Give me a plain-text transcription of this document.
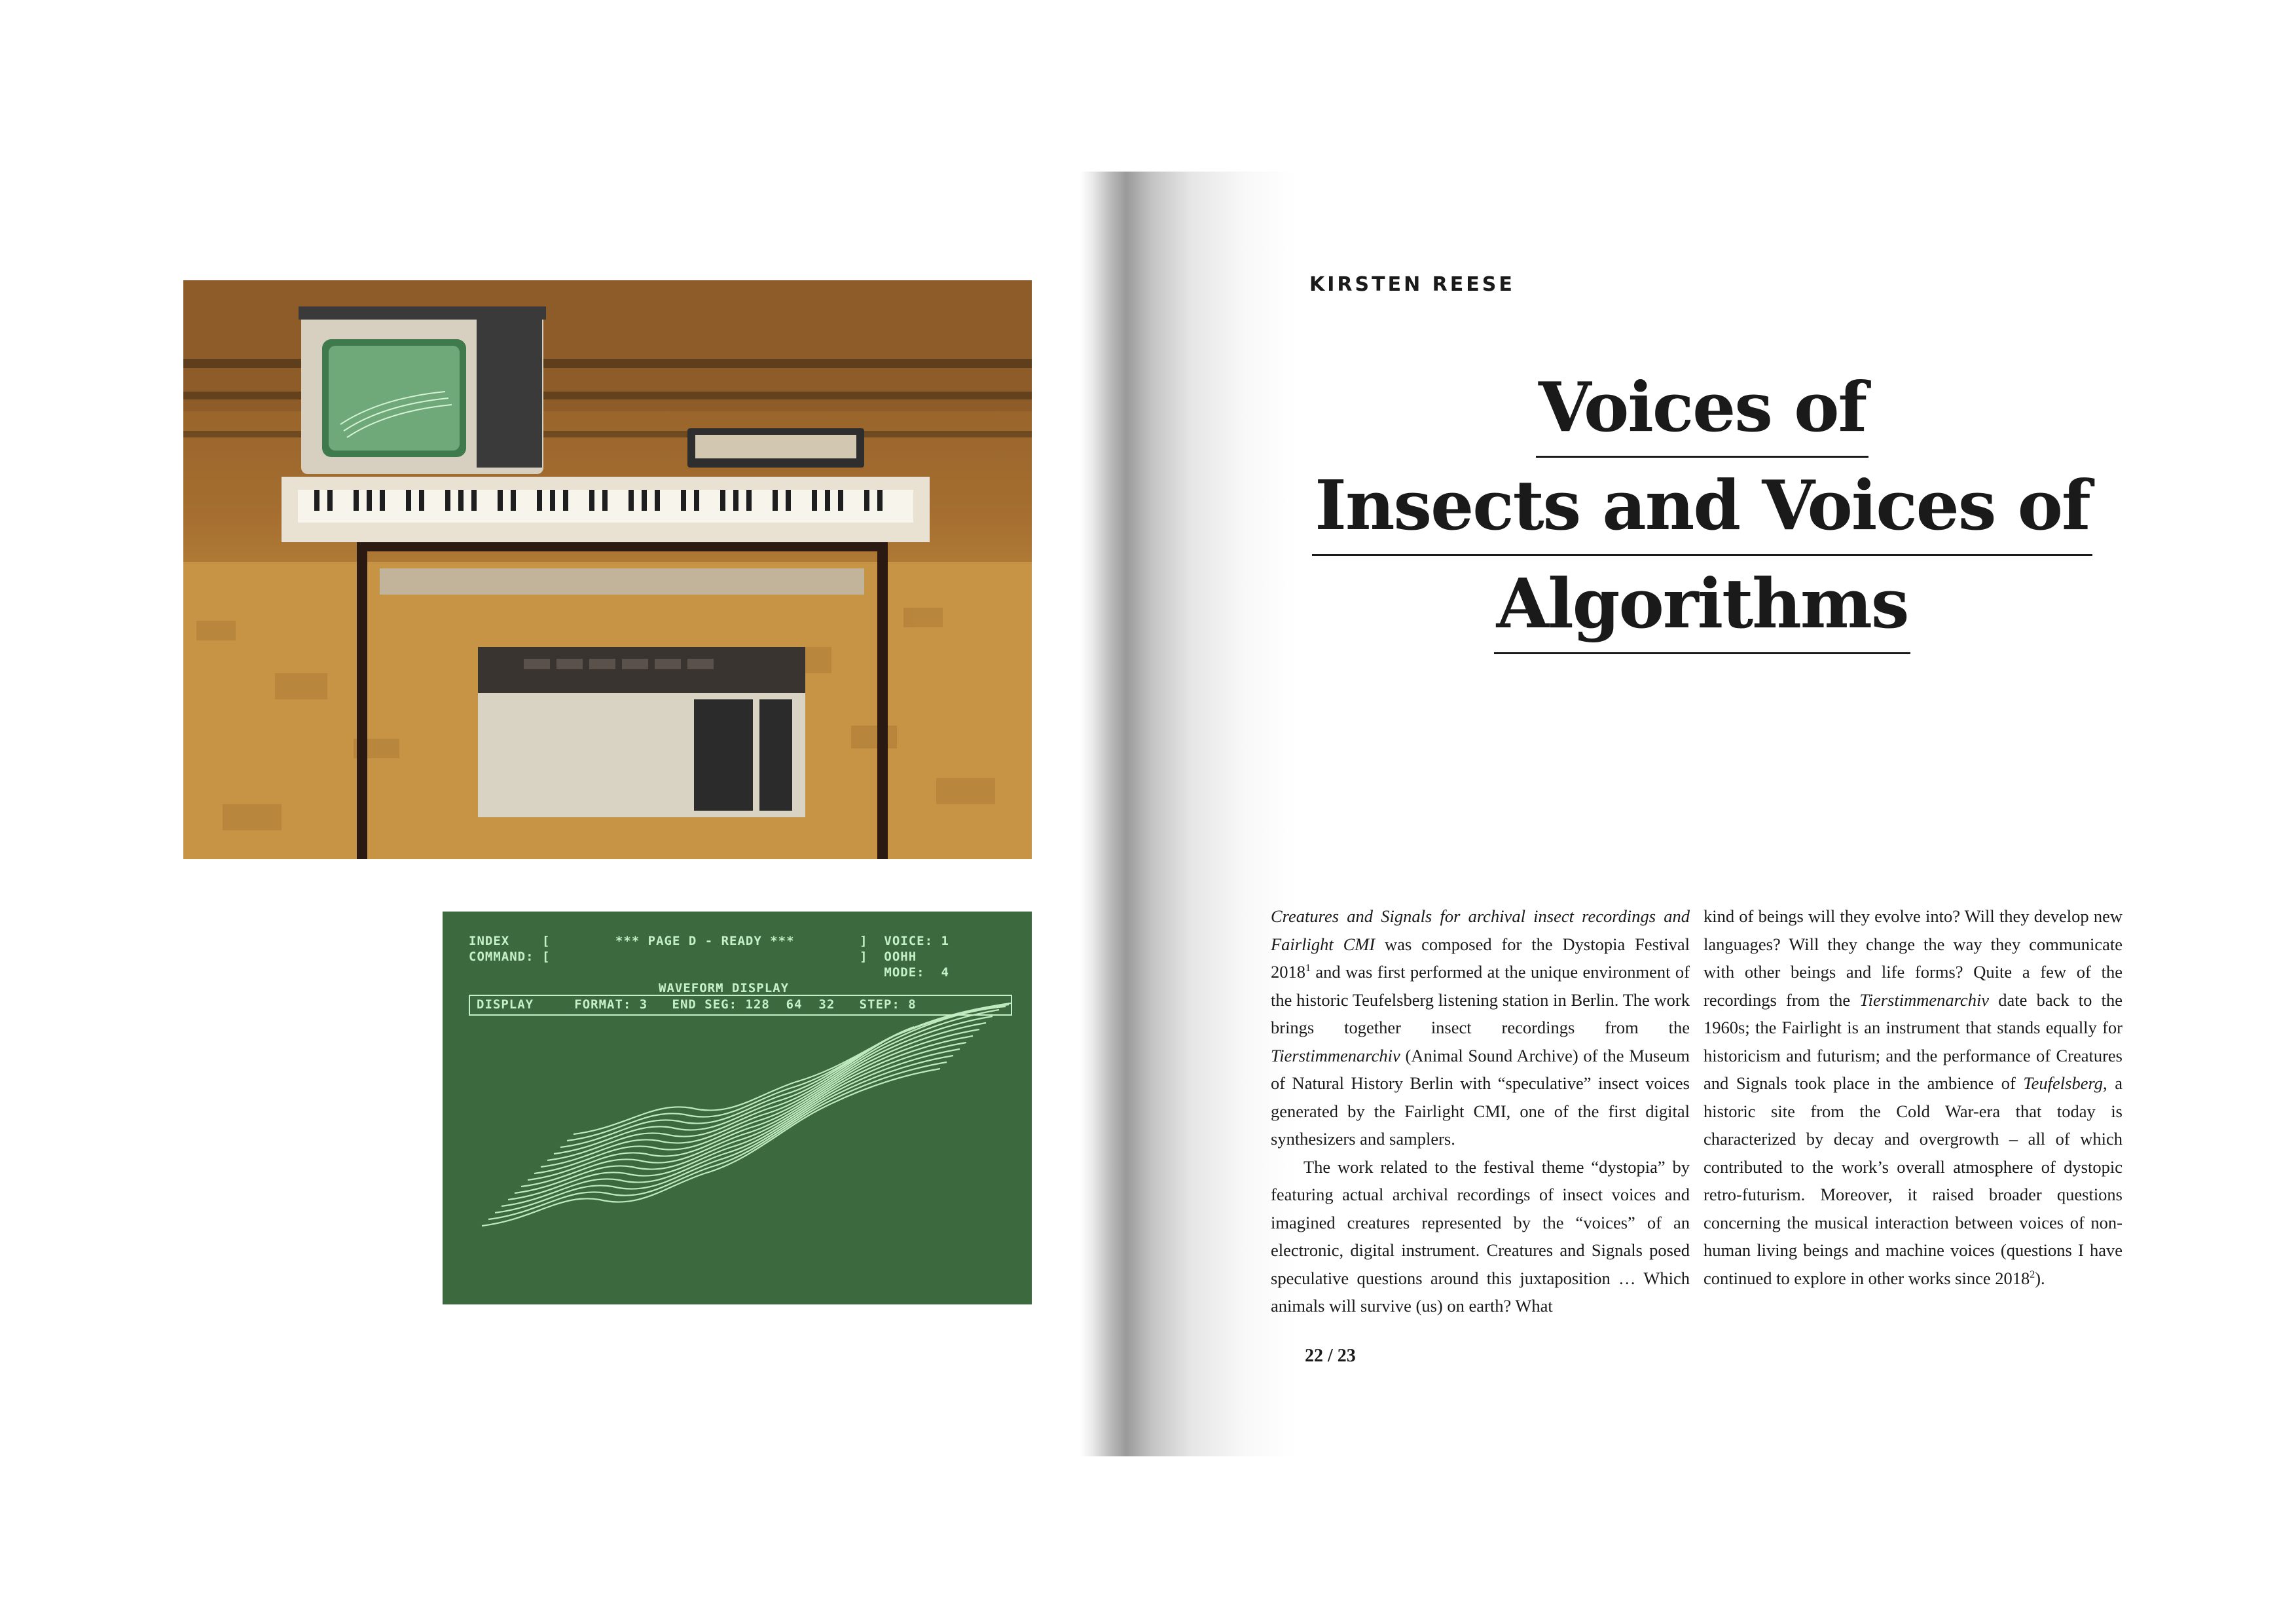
INDEX    [        *** PAGE D - READY ***        ]  VOICE: 1
COMMAND: [                                      ]  OOHH
MODE:  4
WAVEFORM DISPLAY
DISPLAY     FORMAT: 3   END SEG: 128  64  32   STEP: 8
KIRSTEN REESE
Voices of
Insects and Voices of
Algorithms

Creatures and Signals for archival insect recordings and Fairlight CMI was composed for the Dystopia Festival 2018$^1$ and was first performed at the unique environment of the historic Teufelsberg listening station in Berlin. The work brings together insect recordings from the Tierstimmenarchiv (Animal Sound Archive) of the Museum of Natural History Berlin with “speculative” insect voices generated by the Fairlight CMI, one of the first digital synthesizers and samplers.

The work related to the festival theme “dystopia” by featuring actual archival recordings of insect voices and imagined creatures represented by the “voices” of an electronic, digital instrument. Creatures and Signals posed speculative questions around this juxtaposition … Which animals will survive (us) on earth? What

kind of beings will they evolve into? Will they develop new languages? Will they change the way they communicate with other beings and life forms? Quite a few of the recordings from the Tierstimmenarchiv date back to the 1960s; the Fairlight is an instrument that stands equally for historicism and futurism; and the performance of Creatures and Signals took place in the ambience of Teufelsberg, a historic site from the Cold War-era that today is characterized by decay and overgrowth – all of which contributed to the work’s overall atmosphere of dystopic retro-futurism. Moreover, it raised broader questions concerning the musical interaction between voices of non-human living beings and machine voices (questions I have continued to explore in other works since 2018$^2$).

22 / 23
